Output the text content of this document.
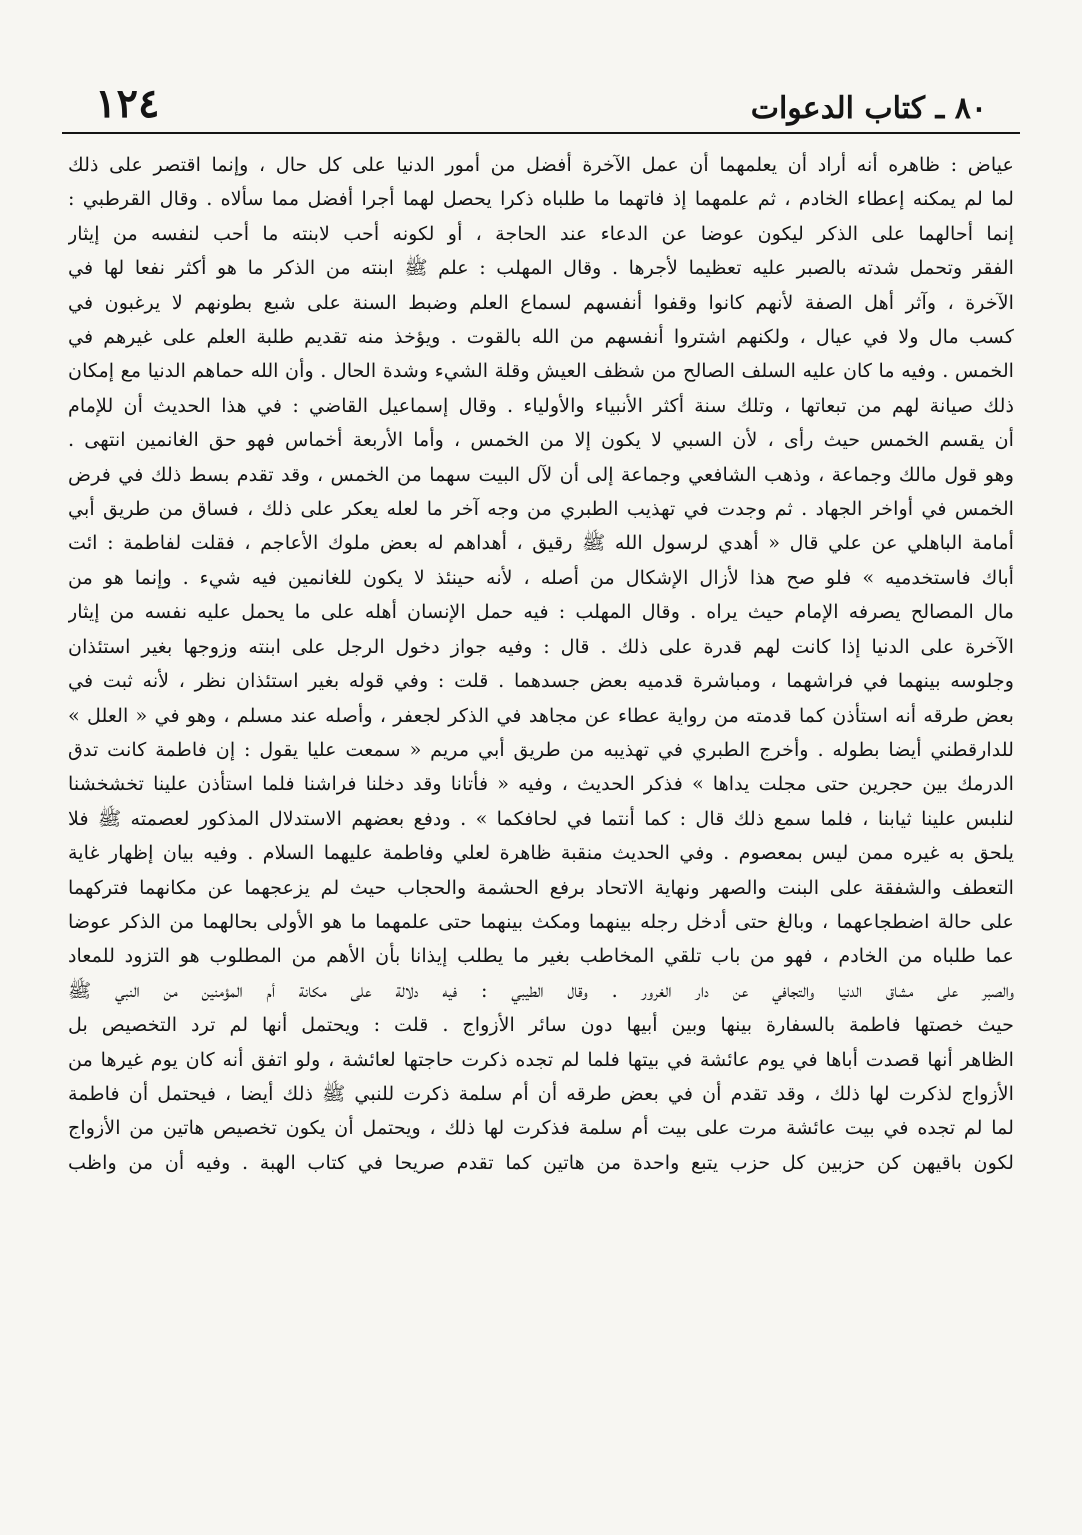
١٢٤	٨٠ ـ كتاب الدعوات
عياض : ظاهره أنه أراد أن يعلمهما أن عمل الآخرة أفضل من أمور الدنيا على كل حال ، وإنما اقتصر على ذلك
لما لم يمكنه إعطاء الخادم ، ثم علمهما إذ فاتهما ما طلباه ذكرا يحصل لهما أجرا أفضل مما سألاه . وقال القرطبي :
إنما أحالهما على الذكر ليكون عوضا عن الدعاء عند الحاجة ، أو لكونه أحب لابنته ما أحب لنفسه من إيثار
الفقر وتحمل شدته بالصبر عليه تعظيما لأجرها . وقال المهلب : علم ﷺ ابنته من الذكر ما هو أكثر نفعا لها في
الآخرة ، وآثر أهل الصفة لأنهم كانوا وقفوا أنفسهم لسماع العلم وضبط السنة على شبع بطونهم لا يرغبون في
كسب مال ولا في عيال ، ولكنهم اشتروا أنفسهم من الله بالقوت . ويؤخذ منه تقديم طلبة العلم على غيرهم في
الخمس . وفيه ما كان عليه السلف الصالح من شظف العيش وقلة الشيء وشدة الحال . وأن الله حماهم الدنيا مع إمكان
ذلك صيانة لهم من تبعاتها ، وتلك سنة أكثر الأنبياء والأولياء . وقال إسماعيل القاضي : في هذا الحديث أن للإمام
أن يقسم الخمس حيث رأى ، لأن السبي لا يكون إلا من الخمس ، وأما الأربعة أخماس فهو حق الغانمين انتهى .
وهو قول مالك وجماعة ، وذهب الشافعي وجماعة إلى أن لآل البيت سهما من الخمس ، وقد تقدم بسط ذلك في فرض
الخمس في أواخر الجهاد . ثم وجدت في تهذيب الطبري من وجه آخر ما لعله يعكر على ذلك ، فساق من طريق أبي
أمامة الباهلي عن علي قال « أهدي لرسول الله ﷺ رقيق ، أهداهم له بعض ملوك الأعاجم ، فقلت لفاطمة : ائت
أباك فاستخدميه » فلو صح هذا لأزال الإشكال من أصله ، لأنه حينئذ لا يكون للغانمين فيه شيء . وإنما هو من
مال المصالح يصرفه الإمام حيث يراه . وقال المهلب : فيه حمل الإنسان أهله على ما يحمل عليه نفسه من إيثار
الآخرة على الدنيا إذا كانت لهم قدرة على ذلك . قال : وفيه جواز دخول الرجل على ابنته وزوجها بغير استئذان
وجلوسه بينهما في فراشهما ، ومباشرة قدميه بعض جسدهما . قلت : وفي قوله بغير استئذان نظر ، لأنه ثبت في
بعض طرقه أنه استأذن كما قدمته من رواية عطاء عن مجاهد في الذكر لجعفر ، وأصله عند مسلم ، وهو في « العلل »
للدارقطني أيضا بطوله . وأخرج الطبري في تهذيبه من طريق أبي مريم « سمعت عليا يقول : إن فاطمة كانت تدق
الدرمك بين حجرين حتى مجلت يداها » فذكر الحديث ، وفيه « فأتانا وقد دخلنا فراشنا فلما استأذن علينا تخشخشنا
لنلبس علينا ثيابنا ، فلما سمع ذلك قال : كما أنتما في لحافكما » . ودفع بعضهم الاستدلال المذكور لعصمته ﷺ فلا
يلحق به غيره ممن ليس بمعصوم . وفي الحديث منقبة ظاهرة لعلي وفاطمة عليهما السلام . وفيه بيان إظهار غاية
التعطف والشفقة على البنت والصهر ونهاية الاتحاد برفع الحشمة والحجاب حيث لم يزعجهما عن مكانهما فتركهما
على حالة اضطجاعهما ، وبالغ حتى أدخل رجله بينهما ومكث بينهما حتى علمهما ما هو الأولى بحالهما من الذكر عوضا
عما طلباه من الخادم ، فهو من باب تلقي المخاطب بغير ما يطلب إيذانا بأن الأهم من المطلوب هو التزود للمعاد
والصبر على مشاق الدنيا والتجافي عن دار الغرور . وقال الطيبي : فيه دلالة على مكانة أم المؤمنين من النبي ﷺ
حيث خصتها فاطمة بالسفارة بينها وبين أبيها دون سائر الأزواج . قلت : ويحتمل أنها لم ترد التخصيص بل
الظاهر أنها قصدت أباها في يوم عائشة في بيتها فلما لم تجده ذكرت حاجتها لعائشة ، ولو اتفق أنه كان يوم غيرها من
الأزواج لذكرت لها ذلك ، وقد تقدم أن في بعض طرقه أن أم سلمة ذكرت للنبي ﷺ ذلك أيضا ، فيحتمل أن فاطمة
لما لم تجده في بيت عائشة مرت على بيت أم سلمة فذكرت لها ذلك ، ويحتمل أن يكون تخصيص هاتين من الأزواج
لكون باقيهن كن حزبين كل حزب يتبع واحدة من هاتين كما تقدم صريحا في كتاب الهبة . وفيه أن من واظب
